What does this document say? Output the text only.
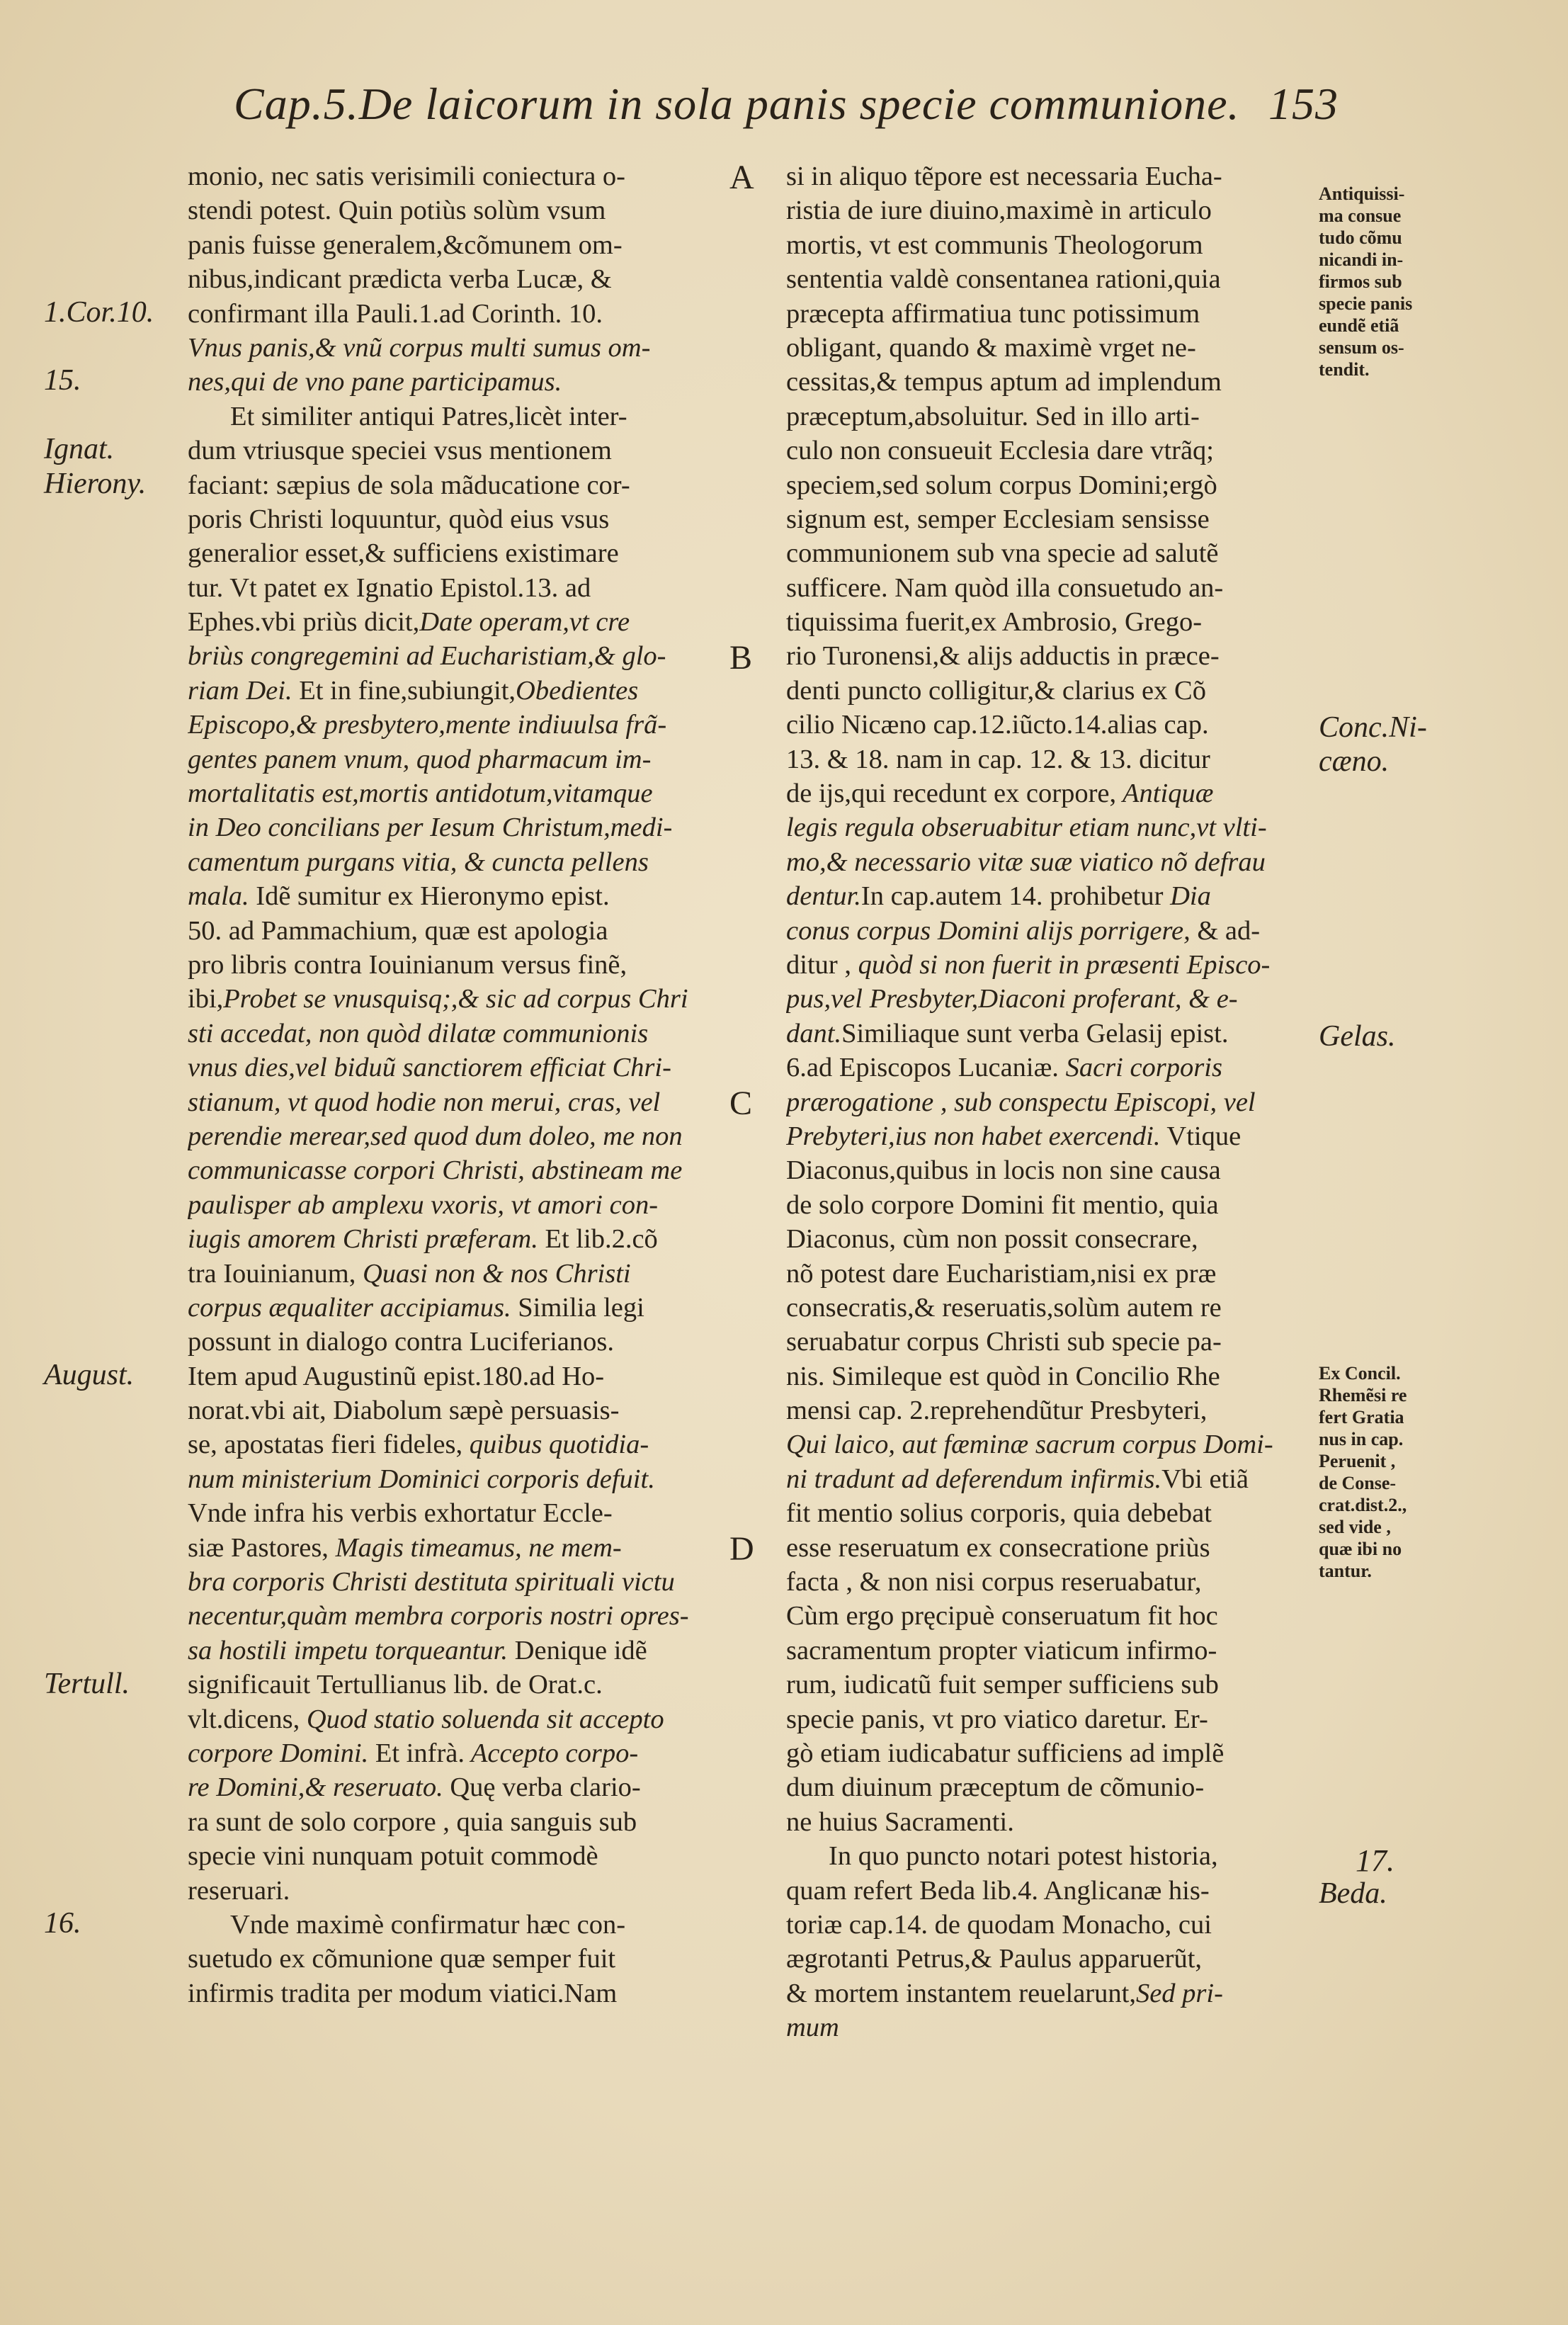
Cap.5.De laicorum in sola panis specie communione. 153
monio, nec satis verisimili coniectura o-
stendi potest. Quin potiùs solùm vsum
panis fuisse generalem,&cõmunem om-
nibus,indicant prædicta verba Lucæ, &
confirmant illa Pauli.1.ad Corinth. 10.
Vnus panis,& vnũ corpus multi sumus om-
nes,qui de vno pane participamus.
Et similiter antiqui Patres,licèt inter-
dum vtriusque speciei vsus mentionem
faciant: sæpius de sola mãducatione cor-
poris Christi loquuntur, quòd eius vsus
generalior esset,& sufficiens existimare
tur. Vt patet ex Ignatio Epistol.13. ad
Ephes.vbi priùs dicit,Date operam,vt cre
briùs congregemini ad Eucharistiam,& glo-
riam Dei. Et in fine,subiungit,Obedientes
Episcopo,& presbytero,mente indiuulsa frã-
gentes panem vnum, quod pharmacum im-
mortalitatis est,mortis antidotum,vitamque
in Deo concilians per Iesum Christum,medi-
camentum purgans vitia, & cuncta pellens
mala. Idẽ sumitur ex Hieronymo epist.
50. ad Pammachium, quæ est apologia
pro libris contra Iouinianum versus finẽ,
ibi,Probet se vnusquisq;,& sic ad corpus Chri
sti accedat, non quòd dilatæ communionis
vnus dies,vel biduũ sanctiorem efficiat Chri-
stianum, vt quod hodie non merui, cras, vel
perendie merear,sed quod dum doleo, me non
communicasse corpori Christi, abstineam me
paulisper ab amplexu vxoris, vt amori con-
iugis amorem Christi præferam. Et lib.2.cõ
tra Iouinianum, Quasi non & nos Christi
corpus æqualiter accipiamus. Similia legi
possunt in dialogo contra Luciferianos.
Item apud Augustinũ epist.180.ad Ho-
norat.vbi ait, Diabolum sæpè persuasis-
se, apostatas fieri fideles, quibus quotidia-
num ministerium Dominici corporis defuit.
Vnde infra his verbis exhortatur Eccle-
siæ Pastores, Magis timeamus, ne mem-
bra corporis Christi destituta spirituali victu
necentur,quàm membra corporis nostri opres-
sa hostili impetu torqueantur. Denique idẽ
significauit Tertullianus lib. de Orat.c.
vlt.dicens, Quod statio soluenda sit accepto
corpore Domini. Et infrà. Accepto corpo-
re Domini,& reseruato. Quę verba clario-
ra sunt de solo corpore , quia sanguis sub
specie vini nunquam potuit commodè
reseruari.
Vnde maximè confirmatur hæc con-
suetudo ex cõmunione quæ semper fuit
infirmis tradita per modum viatici.Nam
si in aliquo tẽpore est necessaria Eucha-
ristia de iure diuino,maximè in articulo
mortis, vt est communis Theologorum
sententia valdè consentanea rationi,quia
præcepta affirmatiua tunc potissimum
obligant, quando & maximè vrget ne-
cessitas,& tempus aptum ad implendum
præceptum,absoluitur. Sed in illo arti-
culo non consueuit Ecclesia dare vtrãq;
speciem,sed solum corpus Domini;ergò
signum est, semper Ecclesiam sensisse
communionem sub vna specie ad salutẽ
sufficere. Nam quòd illa consuetudo an-
tiquissima fuerit,ex Ambrosio, Grego-
rio Turonensi,& alijs adductis in præce-
denti puncto colligitur,& clarius ex Cõ
cilio Nicæno cap.12.iũcto.14.alias cap.
13. & 18. nam in cap. 12. & 13. dicitur
de ijs,qui recedunt ex corpore, Antiquæ
legis regula obseruabitur etiam nunc,vt vlti-
mo,& necessario vitæ suæ viatico nõ defrau
dentur.In cap.autem 14. prohibetur Dia
conus corpus Domini alijs porrigere, & ad-
ditur , quòd si non fuerit in præsenti Episco-
pus,vel Presbyter,Diaconi proferant, & e-
dant.Similiaque sunt verba Gelasij epist.
6.ad Episcopos Lucaniæ. Sacri corporis
prærogatione , sub conspectu Episcopi, vel
Prebyteri,ius non habet exercendi. Vtique
Diaconus,quibus in locis non sine causa
de solo corpore Domini fit mentio, quia
Diaconus, cùm non possit consecrare,
nõ potest dare Eucharistiam,nisi ex præ
consecratis,& reseruatis,solùm autem re
seruabatur corpus Christi sub specie pa-
nis. Simileque est quòd in Concilio Rhe
mensi cap. 2.reprehendũtur Presbyteri,
Qui laico, aut fæminæ sacrum corpus Domi-
ni tradunt ad deferendum infirmis.Vbi etiã
fit mentio solius corporis, quia debebat
esse reseruatum ex consecratione priùs
facta , & non nisi corpus reseruabatur,
Cùm ergo pręcipuè conseruatum fit hoc
sacramentum propter viaticum infirmo-
rum, iudicatũ fuit semper sufficiens sub
specie panis, vt pro viatico daretur. Er-
gò etiam iudicabatur sufficiens ad implẽ
dum diuinum præceptum de cõmunio-
ne huius Sacramenti.
In quo puncto notari potest historia,
quam refert Beda lib.4. Anglicanæ his-
toriæ cap.14. de quodam Monacho, cui
ægrotanti Petrus,& Paulus apparuerũt,
& mortem instantem reuelarunt,Sed pri-
mum
1.Cor.10.
15.
Ignat.
Hierony.
August.
Tertull.
16.
A
B
C
D
Antiquissi-
ma consue
tudo cõmu
nicandi in-
firmos sub
specie panis
eundẽ etiã
sensum os-
tendit.
Conc.Ni-
cæno.
Gelas.
Ex Concil.
Rhemẽsi re
fert Gratia
nus in cap.
Peruenit ,
de Conse-
crat.dist.2.,
sed vide ,
quæ ibi no
tantur.
17.
Beda.
